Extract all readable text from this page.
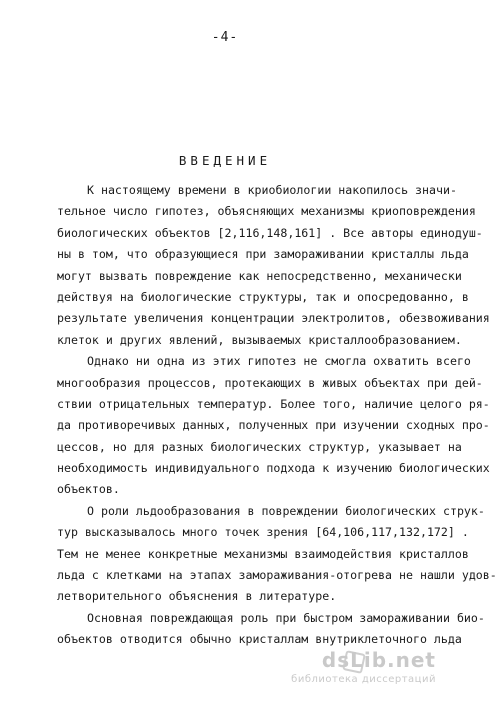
-4-
ВВЕДЕНИЕ
К настоящему времени в криобиологии накопилось значи-
тельное число гипотез, объясняющих механизмы криоповреждения
биологических объектов [2,116,148,161] . Все авторы единодуш-
ны в том, что образующиеся при замораживании кристаллы льда
могут вызвать повреждение как непосредственно, механически
действуя на биологические структуры, так и опосредованно, в
результате увеличения концентрации электролитов, обезвоживания
клеток и других явлений, вызываемых кристаллообразованием.
Однако ни одна из этих гипотез не смогла охватить всего
многообразия процессов, протекающих в живых объектах при дей-
ствии отрицательных температур. Более того, наличие целого ря-
да противоречивых данных, полученных при изучении сходных про-
цессов, но для разных биологических структур, указывает на
необходимость индивидуального подхода к изучению биологических
объектов.
О роли льдообразования в повреждении биологических струк-
тур высказывалось много точек зрения [64,106,117,132,172] .
Тем не менее конкретные механизмы взаимодействия кристаллов
льда с клетками на этапах замораживания-отогрева не нашли удов-
летворительного объяснения в литературе.
Основная повреждающая роль при быстром замораживании био-
объектов отводится обычно кристаллам внутриклеточного льда
dsLib.net
библиотека диссертаций
